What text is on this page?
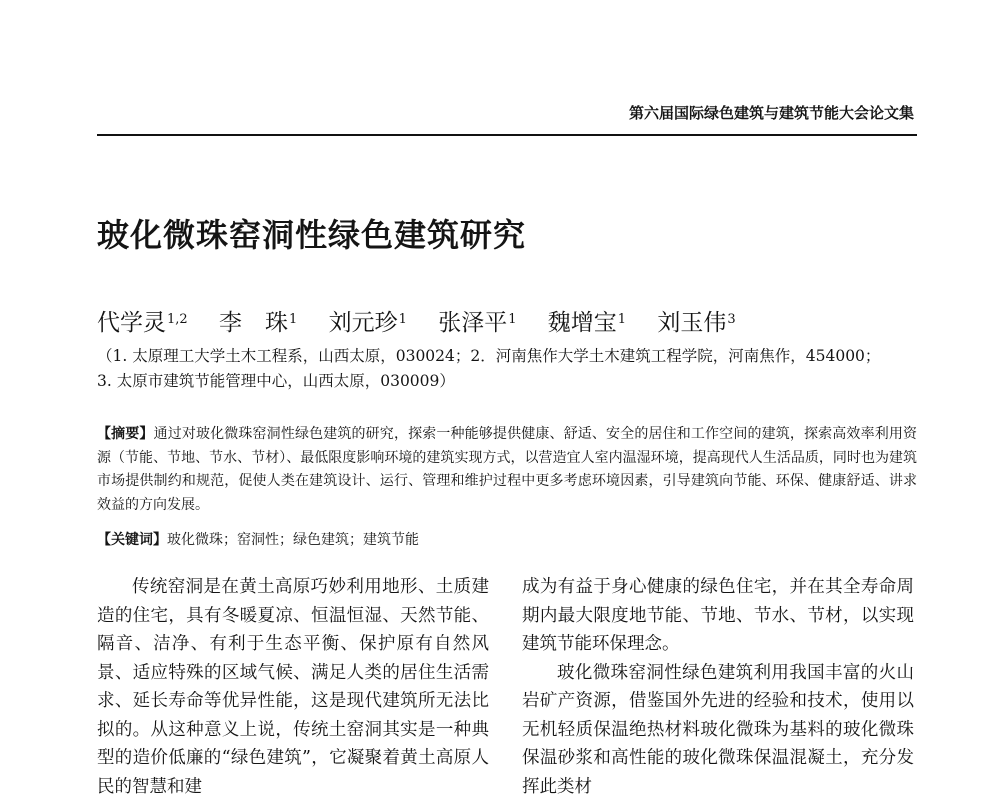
第六届国际绿色建筑与建筑节能大会论文集
玻化微珠窑洞性绿色建筑研究
代学灵$^{1,2}$ 李　珠$^1$ 刘元珍$^1$ 张泽平$^1$ 魏增宝$^1$ 刘玉伟$^3$
（1. 太原理工大学土木工程系，山西太原，030024；2．河南焦作大学土木建筑工程学院，河南焦作，454000；
3. 太原市建筑节能管理中心，山西太原，030009）
【摘要】通过对玻化微珠窑洞性绿色建筑的研究，探索一种能够提供健康、舒适、安全的居住和工作空间的建筑，探索高效率利用资源（节能、节地、节水、节材）、最低限度影响环境的建筑实现方式，以营造宜人室内温湿环境，提高现代人生活品质，同时也为建筑市场提供制约和规范，促使人类在建筑设计、运行、管理和维护过程中更多考虑环境因素，引导建筑向节能、环保、健康舒适、讲求效益的方向发展。
【关键词】玻化微珠；窑洞性；绿色建筑；建筑节能

传统窑洞是在黄土高原巧妙利用地形、土质建造的住宅，具有冬暖夏凉、恒温恒湿、天然节能、隔音、洁净、有利于生态平衡、保护原有自然风景、适应特殊的区域气候、满足人类的居住生活需求、延长寿命等优异性能，这是现代建筑所无法比拟的。从这种意义上说，传统土窑洞其实是一种典型的造价低廉的“绿色建筑”，它凝聚着黄土高原人民的智慧和建

成为有益于身心健康的绿色住宅，并在其全寿命周期内最大限度地节能、节地、节水、节材，以实现建筑节能环保理念。

玻化微珠窑洞性绿色建筑利用我国丰富的火山岩矿产资源，借鉴国外先进的经验和技术，使用以无机轻质保温绝热材料玻化微珠为基料的玻化微珠保温砂浆和高性能的玻化微珠保温混凝土，充分发挥此类材
